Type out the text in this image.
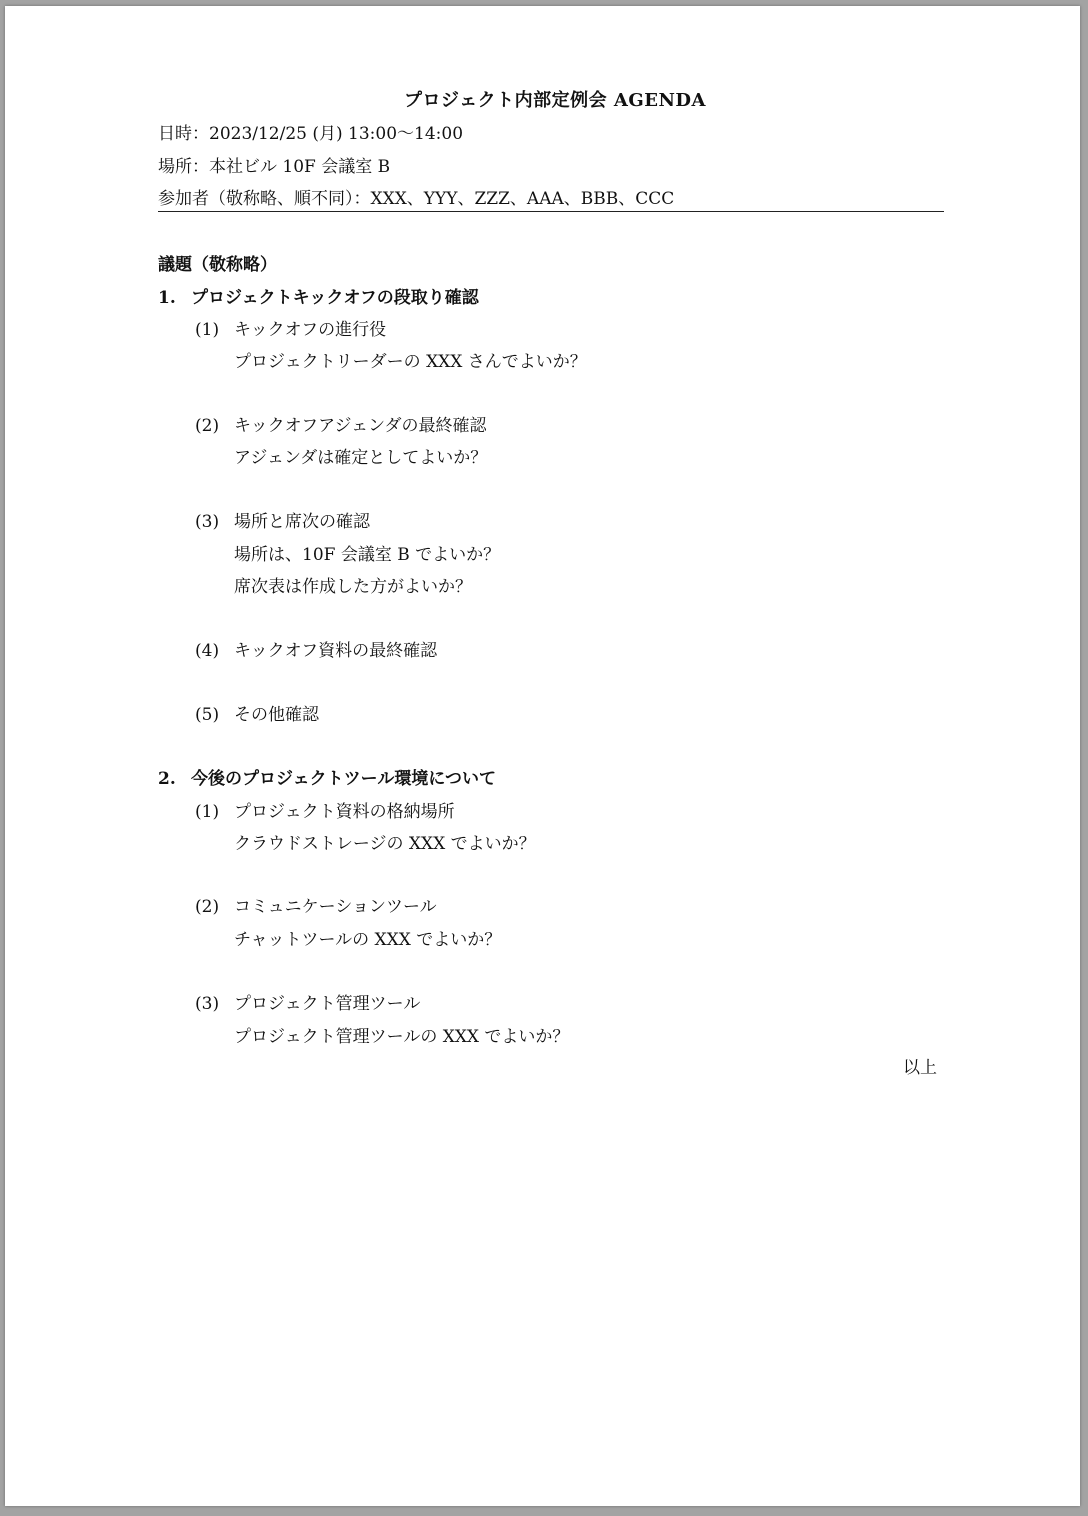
プロジェクト内部定例会 AGENDA
日時：2023/12/25 (月) 13:00～14:00
場所：本社ビル 10F 会議室 B
参加者（敬称略、順不同）：XXX、YYY、ZZZ、AAA、BBB、CCC
議題（敬称略）
1. プロジェクトキックオフの段取り確認
(1) キックオフの進行役
プロジェクトリーダーの XXX さんでよいか？
(2) キックオフアジェンダの最終確認
アジェンダは確定としてよいか？
(3) 場所と席次の確認
場所は、10F 会議室 B でよいか？
席次表は作成した方がよいか？
(4) キックオフ資料の最終確認
(5) その他確認
2. 今後のプロジェクトツール環境について
(1) プロジェクト資料の格納場所
クラウドストレージの XXX でよいか？
(2) コミュニケーションツール
チャットツールの XXX でよいか？
(3) プロジェクト管理ツール
プロジェクト管理ツールの XXX でよいか？
以上
